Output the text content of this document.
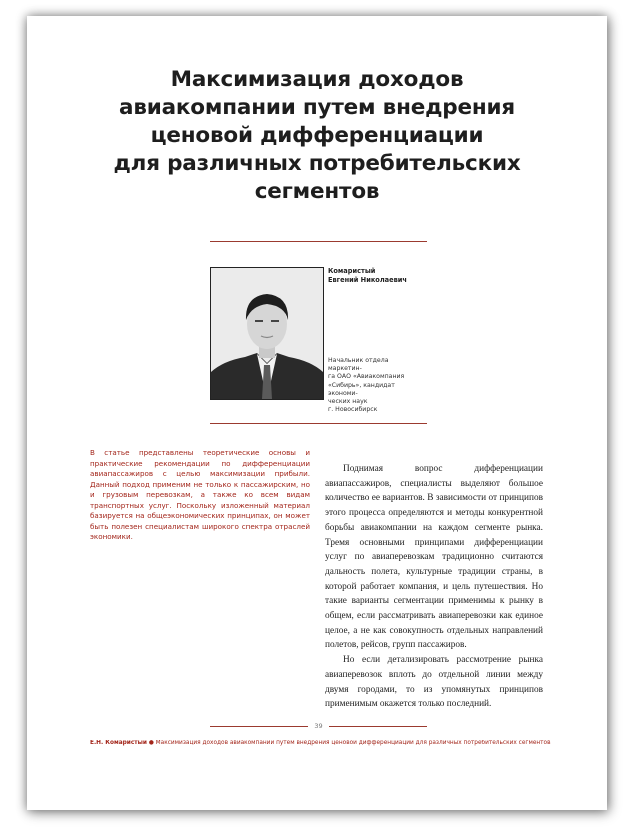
Максимизация доходов
авиакомпании путем внедрения
ценовой дифференциации
для различных потребительских
сегментов
Комаристый
Евгений Николаевич
Начальник отдела маркетин-
га ОАО «Авиакомпания
«Сибирь», кандидат экономи-
ческих наук
г. Новосибирск
В статье представлены теоретические основы и практические рекомендации по дифференциации авиапассажиров с целью максимизации прибыли. Данный подход применим не только к пассажирским, но и грузовым перевозкам, а также ко всем видам транспортных услуг. Поскольку изложенный материал базируется на общеэкономических принципах, он может быть полезен специалистам широкого спектра отраслей экономики.

Поднимая вопрос дифференциации авиапассажиров, специалисты выделяют большое количество ее вариантов. В зависимости от принципов этого процесса определяются и методы конкурентной борьбы авиакомпании на каждом сегменте рынка. Тремя основными принципами дифференциации услуг по авиаперевозкам традиционно считаются дальность полета, культурные традиции страны, в которой работает компания, и цель путешествия. Но такие варианты сегментации применимы к рынку в общем, если рассматривать авиаперевозки как единое целое, а не как совокупность отдельных направлений полетов, рейсов, групп пассажиров.

Но если детализировать рассмотрение рынка авиаперевозок вплоть до отдельной линии между двумя городами, то из упомянутых принципов применимым окажется только последний.

39
Е.Н. Комаристый ● Максимизация доходов авиакомпании путем внедрения ценовой дифференциации для различных потребительских сегментов
